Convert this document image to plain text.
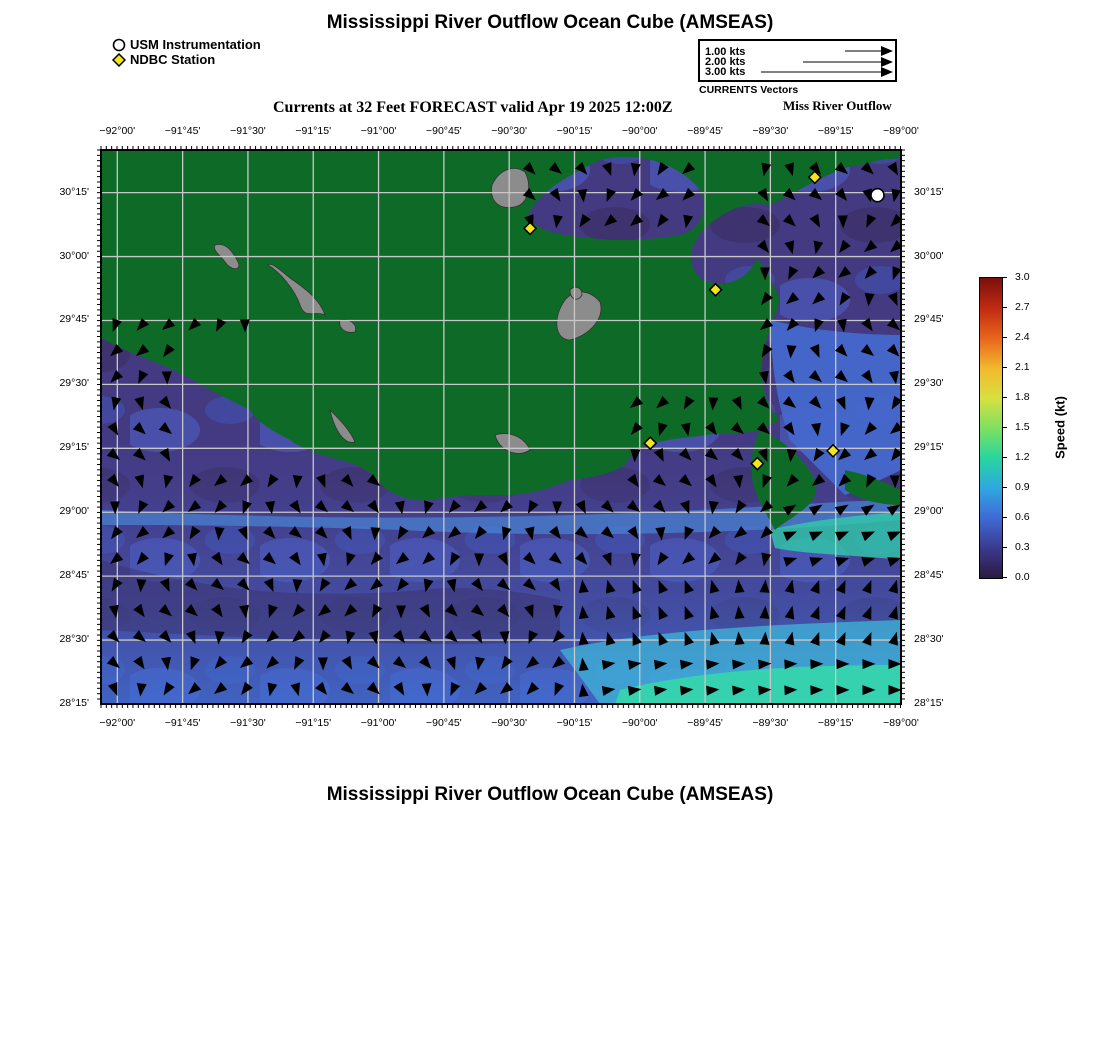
Mississippi River Outflow Ocean Cube (AMSEAS)
USM Instrumentation
NDBC Station	1.00 kts
2.00 kts
3.00 kts
CURRENTS Vectors
Currents at 32 Feet FORECAST valid Apr 19 2025 12:00Z	Miss River Outflow
−92°00'	−91°45'	−91°30'	−91°15'	−91°00'	−90°45'	−90°30'	−90°15'	−90°00'	−89°45'	−89°30'	−89°15'	−89°00'
−92°00'	−91°45'	−91°30'	−91°15'	−91°00'	−90°45'	−90°30'	−90°15'	−90°00'	−89°45'	−89°30'	−89°15'	−89°00'
30°15'
30°00'
29°45'
29°30'
29°15'
29°00'
28°45'
28°30'
28°15'
30°15'
30°00'
29°45'
29°30'
29°15'
29°00'
28°45'
28°30'
28°15'
3.0
2.7
2.4
2.1
1.8
1.5
1.2
0.9
0.6
0.3
0.0
Speed (kt)
Mississippi River Outflow Ocean Cube (AMSEAS)
